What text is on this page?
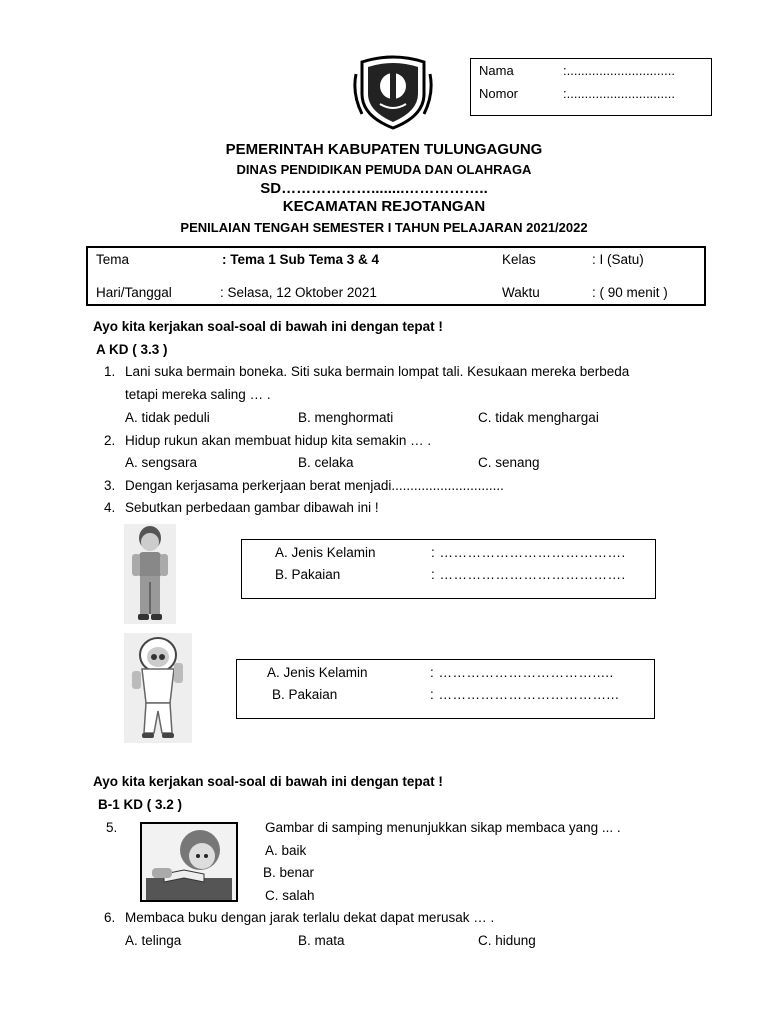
Nama	:..............................
Nomor	:..............................
PEMERINTAH KABUPATEN TULUNGAGUNG
DINAS PENDIDIKAN PEMUDA DAN OLAHRAGA
SD………………........……………..
KECAMATAN REJOTANGAN
PENILAIAN TENGAH SEMESTER I TAHUN PELAJARAN 2021/2022
Tema	: Tema 1 Sub Tema 3 & 4	Kelas	: I (Satu)
Hari/Tanggal	: Selasa, 12 Oktober 2021	Waktu	: ( 90 menit )
Ayo kita kerjakan soal-soal di bawah ini dengan tepat !
A KD ( 3.3 )
1. Lani suka bermain boneka. Siti suka bermain lompat tali. Kesukaan mereka berbeda
tetapi mereka saling … .
A. tidak peduli	B. menghormati	C. tidak menghargai
2. Hidup rukun akan membuat hidup kita semakin … .
A. sengsara	B. celaka	C. senang
3. Dengan kerjasama perkerjaan berat menjadi..............................
4. Sebutkan perbedaan gambar dibawah ini !
A. Jenis Kelamin	: ………………………………….
B. Pakaian	: ………………………………….
A. Jenis Kelamin	: …………………………….....
B. Pakaian	: ………………………………...
Ayo kita kerjakan soal-soal di bawah ini dengan tepat !
B-1 KD ( 3.2 )
5.	Gambar di samping menunjukkan sikap membaca yang ... .
A. baik
B. benar
C. salah
6. Membaca buku dengan jarak terlalu dekat dapat merusak … .
A. telinga	B. mata	C. hidung
